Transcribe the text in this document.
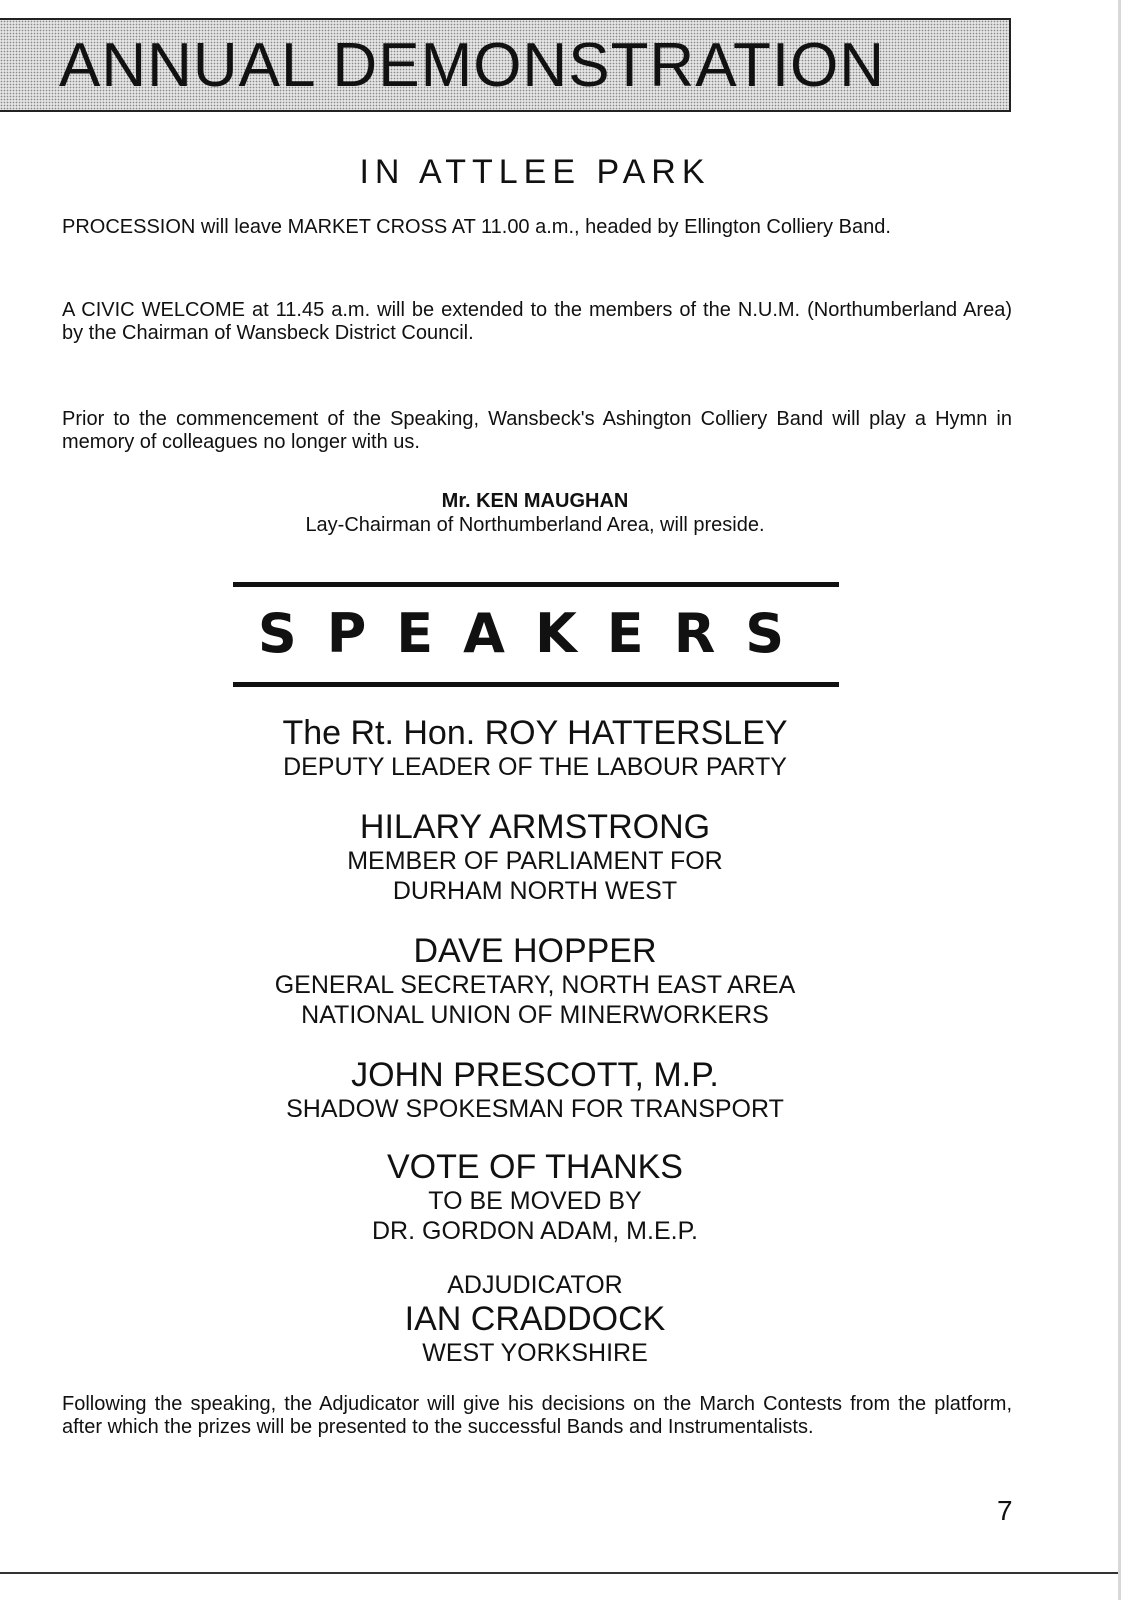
ANNUAL DEMONSTRATION
IN ATTLEE PARK

PROCESSION will leave MARKET CROSS AT 11.00 a.m., headed by Ellington Colliery Band.

A CIVIC WELCOME at 11.45 a.m. will be extended to the members of the N.U.M. (Northumberland Area) by the Chairman of Wansbeck District Council.

Prior to the commencement of the Speaking, Wansbeck's Ashington Colliery Band will play a Hymn in memory of colleagues no longer with us.

Mr. KEN MAUGHAN
Lay-Chairman of Northumberland Area, will preside.
SPEAKERS
The Rt. Hon. ROY HATTERSLEY
DEPUTY LEADER OF THE LABOUR PARTY
HILARY ARMSTRONG
MEMBER OF PARLIAMENT FOR
DURHAM NORTH WEST
DAVE HOPPER
GENERAL SECRETARY, NORTH EAST AREA
NATIONAL UNION OF MINERWORKERS
JOHN PRESCOTT, M.P.
SHADOW SPOKESMAN FOR TRANSPORT
VOTE OF THANKS
TO BE MOVED BY
DR. GORDON ADAM, M.E.P.
ADJUDICATOR
IAN CRADDOCK
WEST YORKSHIRE

Following the speaking, the Adjudicator will give his decisions on the March Contests from the platform, after which the prizes will be presented to the successful Bands and Instrumentalists.

7
